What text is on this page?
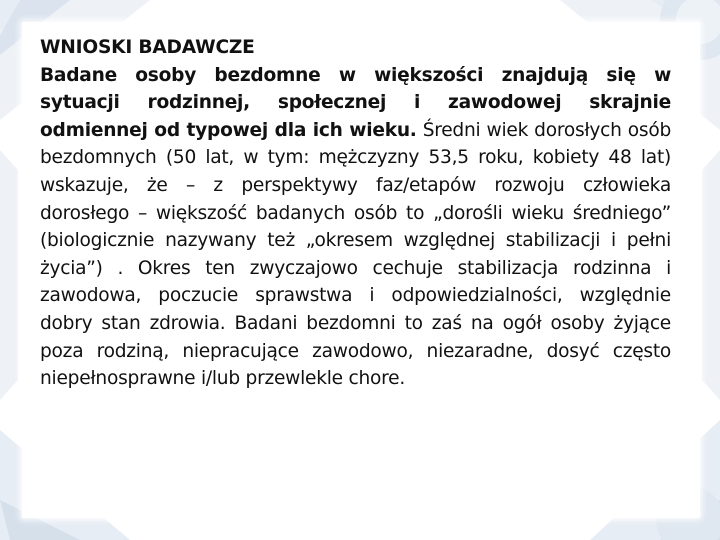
WNIOSKI BADAWCZE
Badane osoby bezdomne w większości znajdują się w sytuacji rodzinnej, społecznej i zawodowej skrajnie odmiennej od typowej dla ich wieku. Średni wiek dorosłych osób bezdomnych (50 lat, w tym: mężczyzny 53,5 roku, kobiety 48 lat) wskazuje, że – z perspektywy faz/etapów rozwoju człowieka dorosłego – większość badanych osób to „dorośli wieku średniego” (biologicznie nazywany też „okresem względnej stabilizacji i pełni życia”) . Okres ten zwyczajowo cechuje stabilizacja rodzinna i zawodowa, poczucie sprawstwa i odpowiedzialności, względnie dobry stan zdrowia. Badani bezdomni to zaś na ogół osoby żyjące poza rodziną, niepracujące zawodowo, niezaradne, dosyć często niepełnosprawne i/lub przewlekle chore.
